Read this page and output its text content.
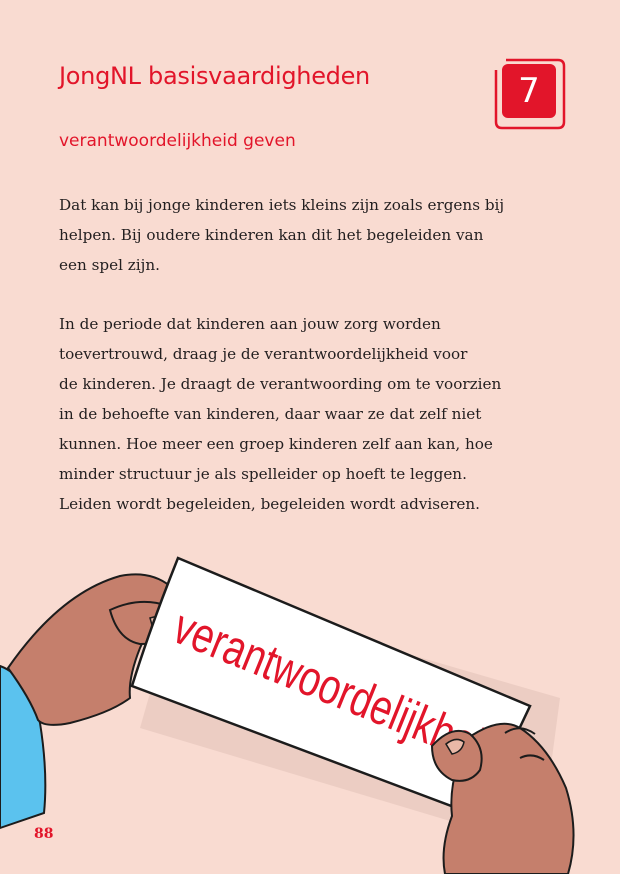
JongNL basisvaardigheden	7
verantwoordelijkheid geven

Dat kan bij jonge kinderen iets kleins zijn zoals ergens bij
helpen. Bij oudere kinderen kan dit het begeleiden van
een spel zijn.

In de periode dat kinderen aan jouw zorg worden
toevertrouwd, draag je de verantwoordelijkheid voor
de kinderen. Je draagt de verantwoording om te voorzien
in de behoefte van kinderen, daar waar ze dat zelf niet
kunnen. Hoe meer een groep kinderen zelf aan kan, hoe
minder structuur je als spelleider op hoeft te leggen.
Leiden wordt begeleiden, begeleiden wordt adviseren.

verantwoordelijkheid
88
